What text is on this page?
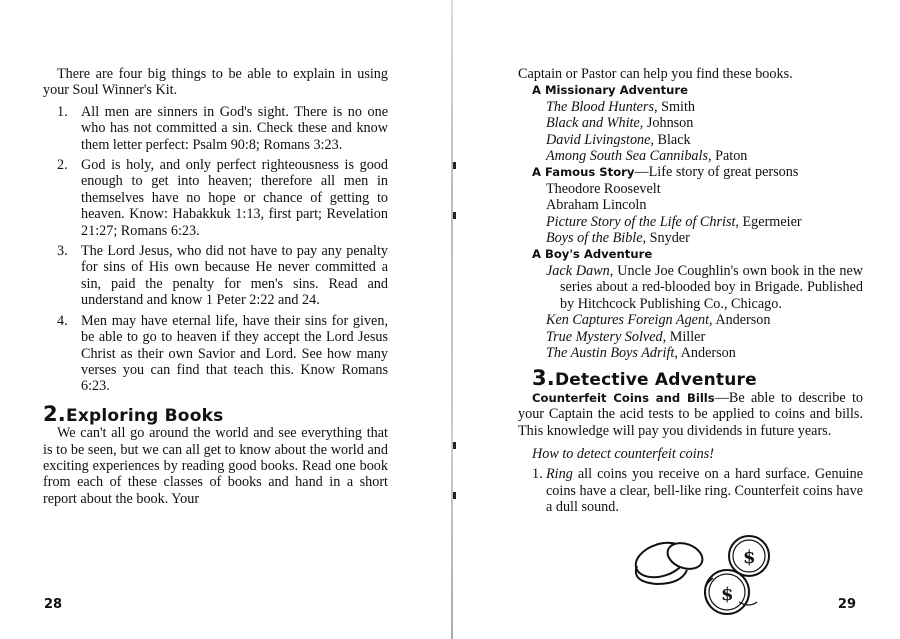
There are four big things to be able to explain in using your Soul Winner's Kit.

1. All men are sinners in God's sight. There is no one who has not committed a sin. Check these and know them letter perfect: Psalm 90:8; Romans 3:23.
2. God is holy, and only perfect righteousness is good enough to get into heaven; therefore all men in themselves have no hope or chance of getting to heaven. Know: Habakkuk 1:13, first part; Revelation 21:27; Romans 6:23.
3. The Lord Jesus, who did not have to pay any penalty for sins of His own because He never committed a sin, paid the penalty for men's sins. Read and understand and know 1 Peter 2:22 and 24.
4. Men may have eternal life, have their sins for given, be able to go to heaven if they accept the Lord Jesus Christ as their own Savior and Lord. See how many verses you can find that teach this. Know Romans 6:23.
2.Exploring Books

We can't all go around the world and see everything that is to be seen, but we can all get to know about the world and exciting experiences by reading good books. Read one book from each of these classes of books and hand in a short report about the book. Your

28

Captain or Pastor can help you find these books.

A Missionary Adventure
The Blood Hunters, Smith
Black and White, Johnson
David Livingstone, Black
Among South Sea Cannibals, Paton
A Famous Story—Life story of great persons
Theodore Roosevelt
Abraham Lincoln
Picture Story of the Life of Christ, Egermeier
Boys of the Bible, Snyder
A Boy's Adventure
Jack Dawn, Uncle Joe Coughlin's own book in the new series about a red-blooded boy in Brigade. Published by Hitchcock Publishing Co., Chicago.
Ken Captures Foreign Agent, Anderson
True Mystery Solved, Miller
The Austin Boys Adrift, Anderson
3.Detective Adventure

Counterfeit Coins and Bills—Be able to describe to your Captain the acid tests to be applied to coins and bills. This knowledge will pay you dividends in future years.

How to detect counterfeit coins!

1. Ring all coins you receive on a hard surface. Genuine coins have a clear, bell-like ring. Counterfeit coins have a dull sound.
$
$	29
